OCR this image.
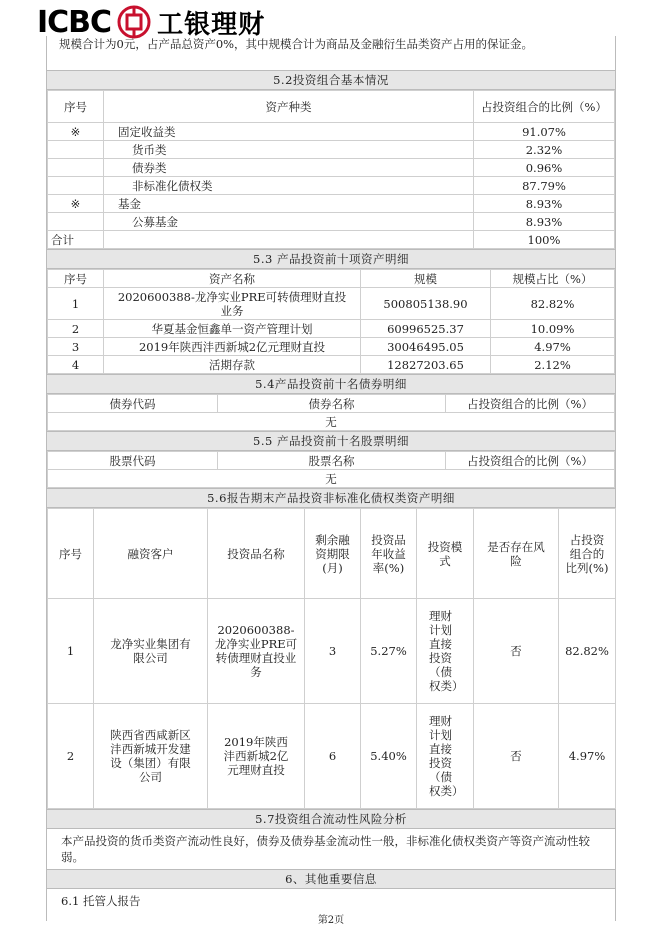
ICBC 工银理财
规模合计为0元，占产品总资产0%，其中规模合计为商品及金融衍生品类资产占用的保证金。
5.2投资组合基本情况
序号	资产种类	占投资组合的比例（%）
※	固定收益类	91.07%
	货币类	2.32%
	债券类	0.96%
	非标准化债权类	87.79%
※	基金	8.93%
	公募基金	8.93%
合计		100%
5.3 产品投资前十项资产明细
序号	资产名称	规模	规模占比（%）
1	2020600388-龙净实业PRE可转债理财直投业务	500805138.90	82.82%
2	华夏基金恒鑫单一资产管理计划	60996525.37	10.09%
3	2019年陕西沣西新城2亿元理财直投	30046495.05	4.97%
4	活期存款	12827203.65	2.12%
5.4产品投资前十名债券明细
债券代码	债券名称	占投资组合的比例（%）
无
5.5 产品投资前十名股票明细
股票代码	股票名称	占投资组合的比例（%）
无
5.6报告期末产品投资非标准化债权类资产明细
序号	融资客户	投资品名称	剩余融资期限(月)	投资品年收益率(%)	投资模式	是否存在风险	占投资组合的比列(%)
1	龙净实业集团有限公司	2020600388-龙净实业PRE可转债理财直投业务	3	5.27%	理财计划直接投资（债权类）	否	82.82%
2	陕西省西咸新区沣西新城开发建设（集团）有限公司	2019年陕西沣西新城2亿元理财直投	6	5.40%	理财计划直接投资（债权类）	否	4.97%
5.7投资组合流动性风险分析
本产品投资的货币类资产流动性良好，债券及债券基金流动性一般，非标准化债权类资产等资产流动性较弱。
6、其他重要信息
6.1 托管人报告
第2页
